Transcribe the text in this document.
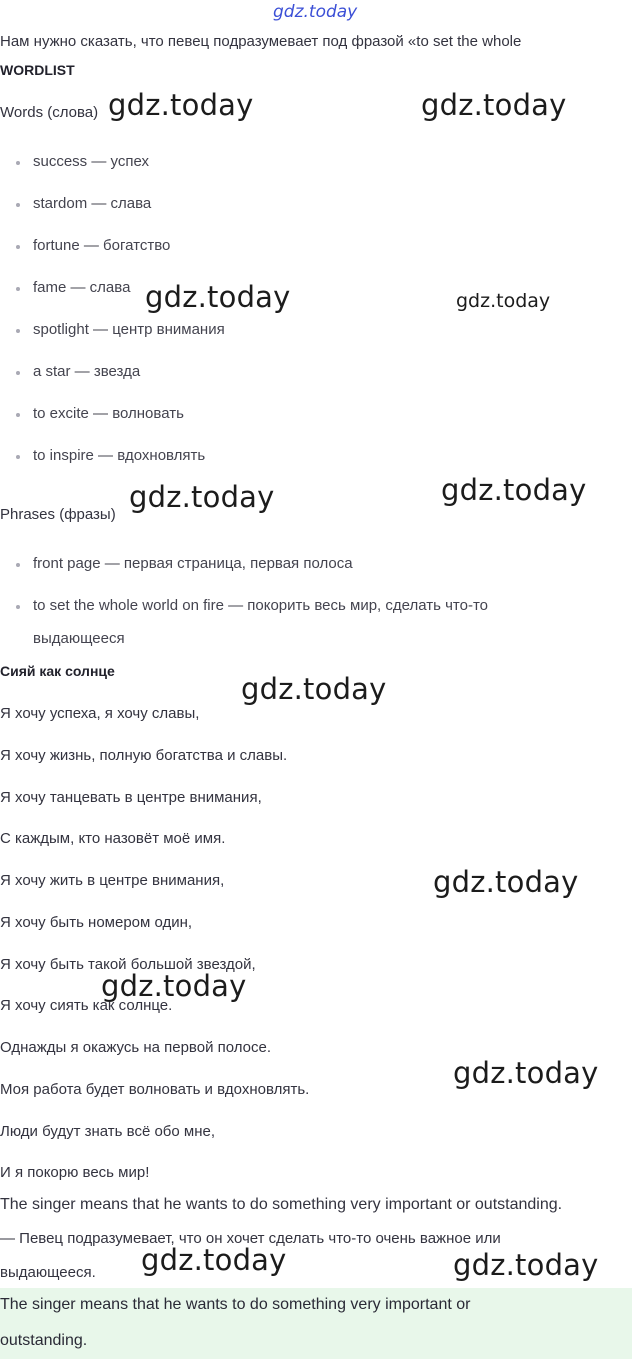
gdz.today
Нам нужно сказать, что певец подразумевает под фразой «to set the whole
WORDLIST
Words (слова)
success — успех
stardom — слава
fortune — богатство
fame — слава
spotlight — центр внимания
a star — звезда
to excite — волновать
to inspire — вдохновлять
Phrases (фразы)
front page — первая страница, первая полоса
to set the whole world on fire — покорить весь мир, сделать что-то
выдающееся
Сияй как солнце
Я хочу успеха, я хочу славы,
Я хочу жизнь, полную богатства и славы.
Я хочу танцевать в центре внимания,
С каждым, кто назовёт моё имя.
Я хочу жить в центре внимания,
Я хочу быть номером один,
Я хочу быть такой большой звездой,
Я хочу сиять как солнце.
Однажды я окажусь на первой полосе.
Моя работа будет волновать и вдохновлять.
Люди будут знать всё обо мне,
И я покорю весь мир!
The singer means that he wants to do something very important or outstanding.
— Певец подразумевает, что он хочет сделать что-то очень важное или
выдающееся.
The singer means that he wants to do something very important or
outstanding.
gdz.today	gdz.today
gdz.today	gdz.today
gdz.today	gdz.today
gdz.today
gdz.today
gdz.today
gdz.today
gdz.today	gdz.today
